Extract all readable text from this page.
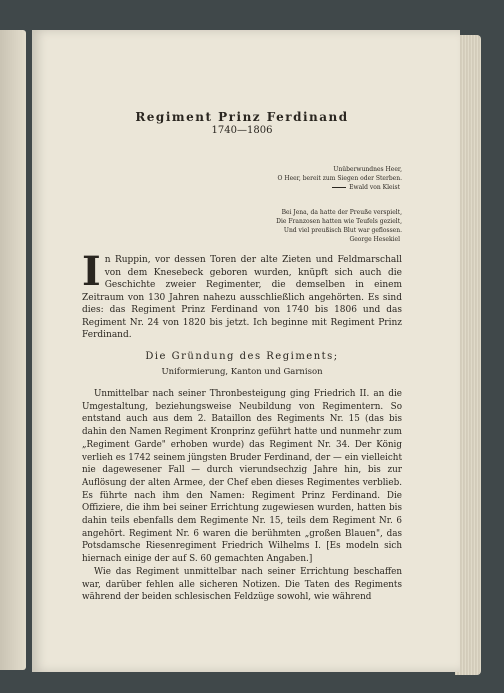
Regiment Prinz Ferdinand
1740—1806
Unüberwundnes Heer,
O Heer, bereit zum Siegen oder Sterben.
Ewald von Kleist
Bei Jena, da hatte der Preuße verspielt,
Die Franzosen hatten wie Teufels gezielt,
Und viel preußisch Blut war geflossen.
George Hesekiel
In Ruppin, vor dessen Toren der alte Zieten und Feldmarschall von dem Knesebeck geboren wurden, knüpft sich auch die Geschichte zweier Regimenter, die demselben in einem Zeitraum von 130 Jahren nahezu ausschließlich angehörten. Es sind dies: das Regiment Prinz Ferdinand von 1740 bis 1806 und das Regiment Nr. 24 von 1820 bis jetzt. Ich beginne mit Regiment Prinz Ferdinand.
Die Gründung des Regiments;
Uniformierung, Kanton und Garnison

Unmittelbar nach seiner Thronbesteigung ging Friedrich II. an die Umgestaltung, beziehungsweise Neubildung von Regimentern. So entstand auch aus dem 2. Bataillon des Regiments Nr. 15 (das bis dahin den Namen Regiment Kronprinz geführt hatte und nunmehr zum „Regiment Garde" erhoben wurde) das Regiment Nr. 34. Der König verlieh es 1742 seinem jüngsten Bruder Ferdinand, der — ein vielleicht nie dagewesener Fall — durch vierundsechzig Jahre hin, bis zur Auflösung der alten Armee, der Chef eben dieses Regimentes verblieb. Es führte nach ihm den Namen: Regiment Prinz Ferdinand. Die Offiziere, die ihm bei seiner Errichtung zugewiesen wurden, hatten bis dahin teils ebenfalls dem Regimente Nr. 15, teils dem Regiment Nr. 6 angehört. Regiment Nr. 6 waren die berühmten „großen Blauen", das Potsdamsche Riesenregiment Friedrich Wilhelms I. [Es modeln sich hiernach einige der auf S. 60 gemachten Angaben.]

Wie das Regiment unmittelbar nach seiner Errichtung beschaffen war, darüber fehlen alle sicheren Notizen. Die Taten des Regiments während der beiden schlesischen Feldzüge sowohl, wie während
